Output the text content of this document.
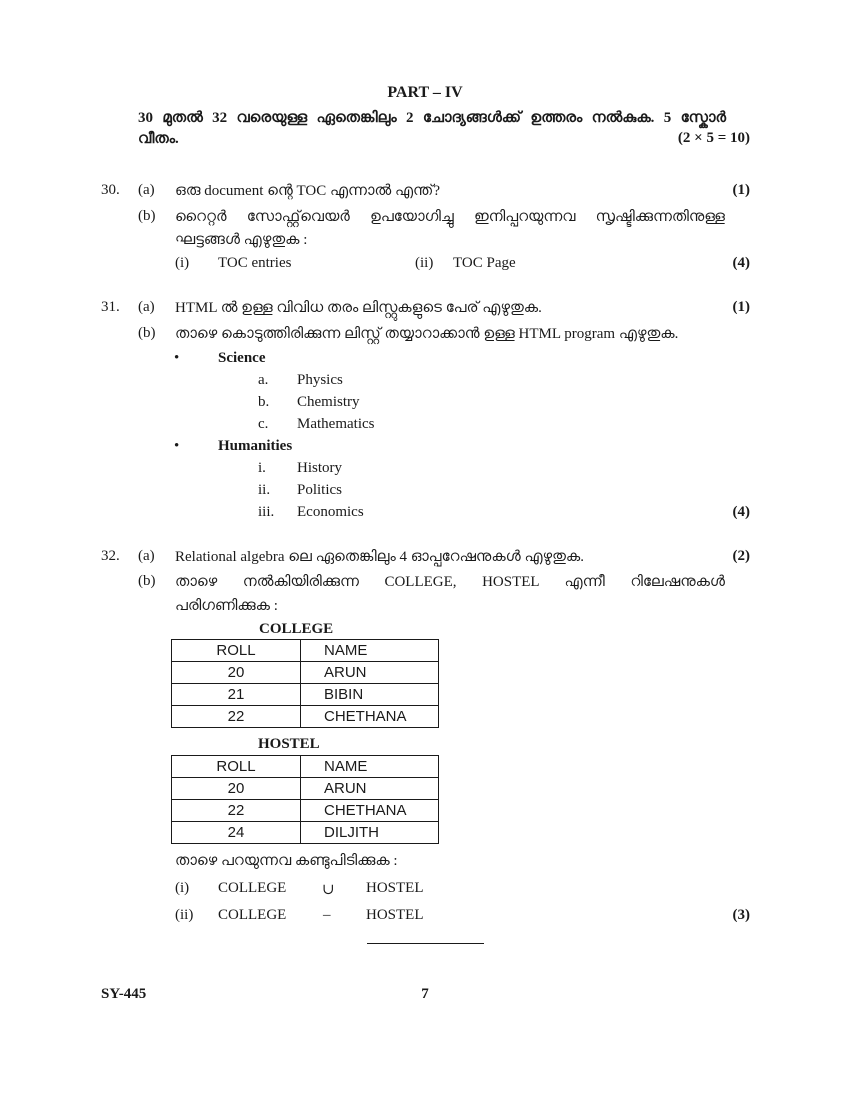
PART – IV
30 മുതൽ 32 വരെയുള്ള ഏതെങ്കിലും 2 ചോദ്യങ്ങൾക്ക് ഉത്തരം നൽകുക. 5 സ്കോർ
വീതം.	(2 × 5 = 10)
30. (a) ഒരു document ന്റെ TOC എന്നാൽ എന്ത്?	(1)
(b) റൈറ്റർ സോഫ്റ്റ്‌വെയർ ഉപയോഗിച്ചു ഇനിപ്പറയുന്നവ സൃഷ്ടിക്കുന്നതിനുള്ള
ഘട്ടങ്ങൾ എഴുതുക :
(i) TOC entries	(ii) TOC Page	(4)
31. (a) HTML ൽ ഉള്ള വിവിധ തരം ലിസ്റ്റുകളുടെ പേര് എഴുതുക.	(1)
(b) താഴെ കൊടുത്തിരിക്കുന്ന ലിസ്റ്റ് തയ്യാറാക്കാൻ ഉള്ള HTML program എഴുതുക.
•	Science
a. Physics
b. Chemistry
c. Mathematics
•	Humanities
i. History
ii. Politics
iii. Economics	(4)
32. (a) Relational algebra ലെ ഏതെങ്കിലും 4 ഓപ്പറേഷനുകൾ എഴുതുക.	(2)
(b) താഴെ നൽകിയിരിക്കുന്ന COLLEGE, HOSTEL എന്നീ റിലേഷനുകൾ
പരിഗണിക്കുക :
COLLEGE
ROLL	NAME
20	ARUN
21	BIBIN
22	CHETHANA
HOSTEL
ROLL	NAME
20	ARUN
22	CHETHANA
24	DILJITH
താഴെ പറയുന്നവ കണ്ടുപിടിക്കുക :
(i) COLLEGE ∪ HOSTEL
(ii) COLLEGE – HOSTEL	(3)
SY-445	7
